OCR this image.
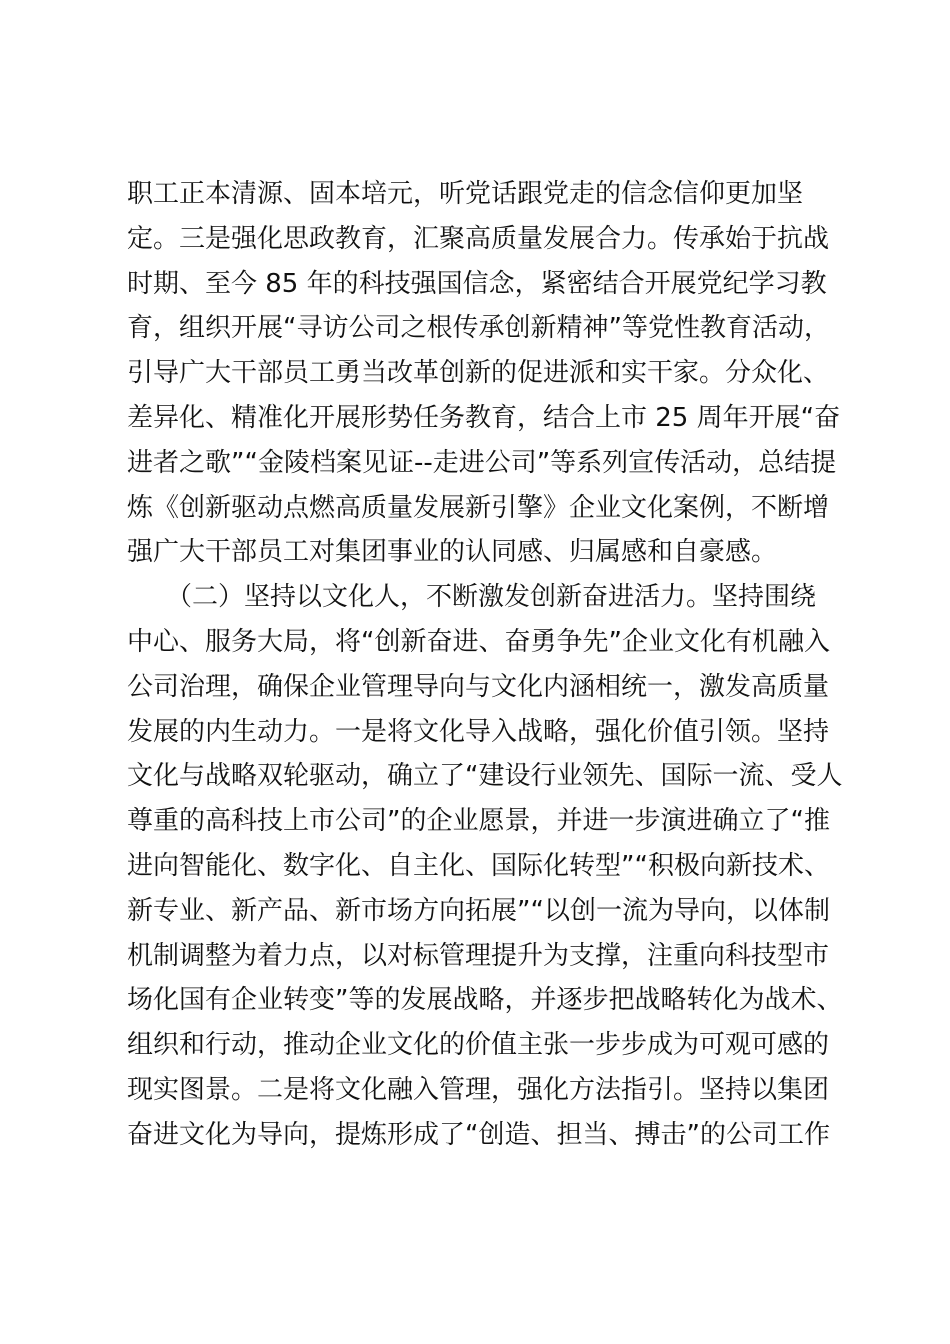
职工正本清源、固本培元，听党话跟党走的信念信仰更加坚
定。三是强化思政教育，汇聚高质量发展合力。传承始于抗战
时期、至今 85 年的科技强国信念，紧密结合开展党纪学习教
育，组织开展“寻访公司之根传承创新精神”等党性教育活动，
引导广大干部员工勇当改革创新的促进派和实干家。分众化、
差异化、精准化开展形势任务教育，结合上市 25 周年开展“奋
进者之歌”“金陵档案见证--走进公司”等系列宣传活动，总结提
炼《创新驱动点燃高质量发展新引擎》企业文化案例，不断增
强广大干部员工对集团事业的认同感、归属感和自豪感。
　　（二）坚持以文化人，不断激发创新奋进活力。坚持围绕
中心、服务大局，将“创新奋进、奋勇争先”企业文化有机融入
公司治理，确保企业管理导向与文化内涵相统一，激发高质量
发展的内生动力。一是将文化导入战略，强化价值引领。坚持
文化与战略双轮驱动，确立了“建设行业领先、国际一流、受人
尊重的高科技上市公司”的企业愿景，并进一步演进确立了“推
进向智能化、数字化、自主化、国际化转型”“积极向新技术、
新专业、新产品、新市场方向拓展”“以创一流为导向，以体制
机制调整为着力点，以对标管理提升为支撑，注重向科技型市
场化国有企业转变”等的发展战略，并逐步把战略转化为战术、
组织和行动，推动企业文化的价值主张一步步成为可观可感的
现实图景。二是将文化融入管理，强化方法指引。坚持以集团
奋进文化为导向，提炼形成了“创造、担当、搏击”的公司工作
